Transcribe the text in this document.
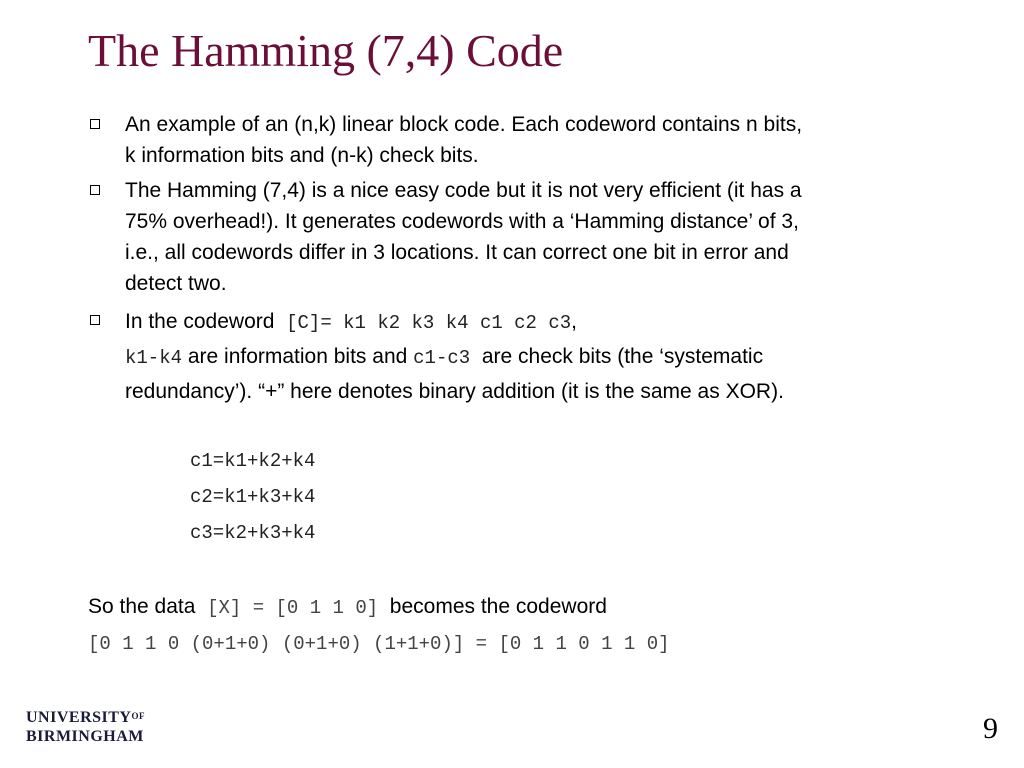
The Hamming (7,4) Code
An example of an (n,k) linear block code. Each codeword contains n bits,
k information bits and (n-k) check bits.
The Hamming (7,4) is a nice easy code but it is not very efficient (it has a
75% overhead!). It generates codewords with a ‘Hamming distance’ of 3,
i.e., all codewords differ in 3 locations. It can correct one bit in error and
detect two.
In the codeword [C]= k1 k2 k3 k4 c1 c2 c3,
k1-k4 are information bits and c1-c3  are check bits (the ‘systematic
redundancy’). “+” here denotes binary addition (it is the same as XOR).
c1=k1+k2+k4
c2=k1+k3+k4
c3=k2+k3+k4
So the data [X] = [0 1 1 0] becomes the codeword
[0 1 1 0 (0+1+0) (0+1+0) (1+1+0)] = [0 1 1 0 1 1 0]
$UNIVERSITY^{OF}$
BIRMINGHAM	9
